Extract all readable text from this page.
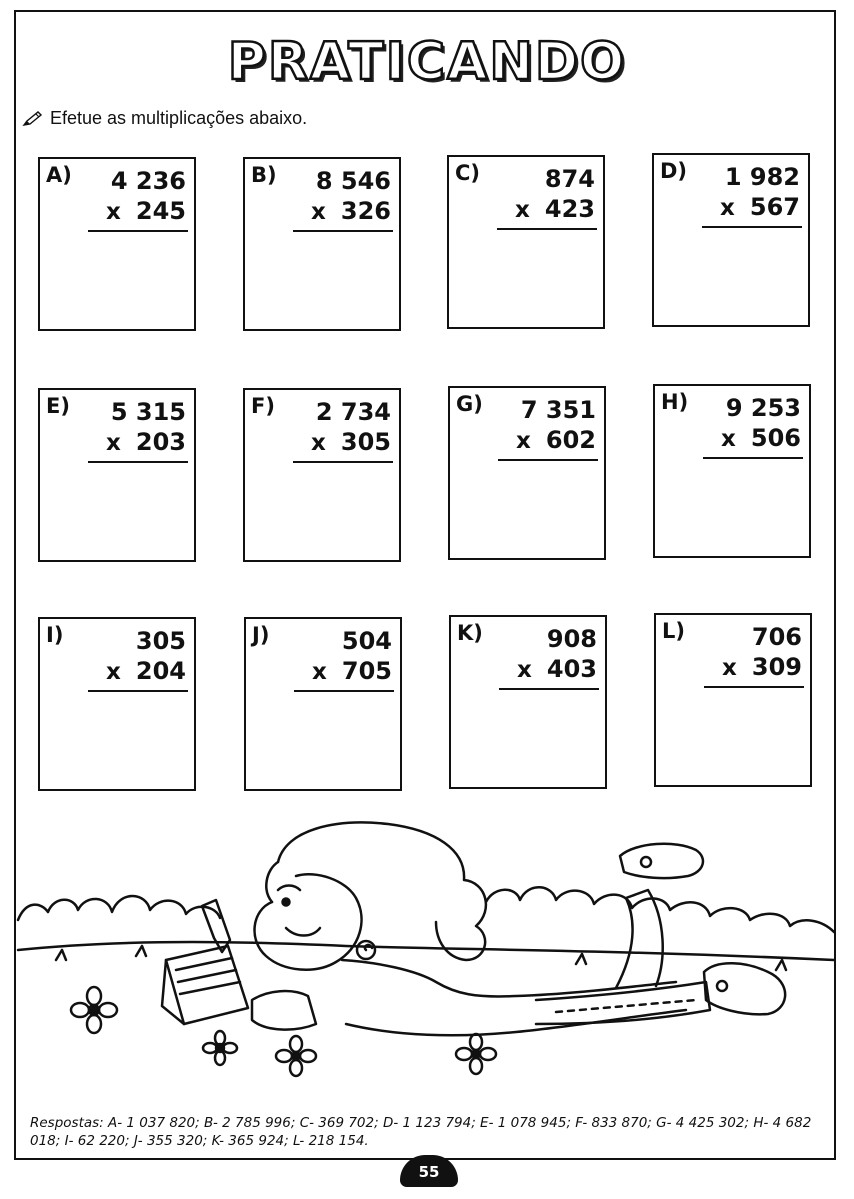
PRATICANDO
Efetue as multiplicações abaixo.
A) 4 236
x 245
B) 8 546
x 326
C)	874
x 423
D) 1 982
x 567
E) 5 315
x 203
F) 2 734
x 305
G) 7 351
x 602
H) 9 253
x 506
I)	305
x 204
J)	504
x 705
K)	908
x 403
L)	706
x 309
Respostas: A- 1 037 820; B- 2 785 996; C- 369 702; D- 1 123 794; E- 1 078 945; F- 833 870; G- 4 425 302; H- 4 682 018; I- 62 220; J- 355 320; K- 365 924; L- 218 154.
55
